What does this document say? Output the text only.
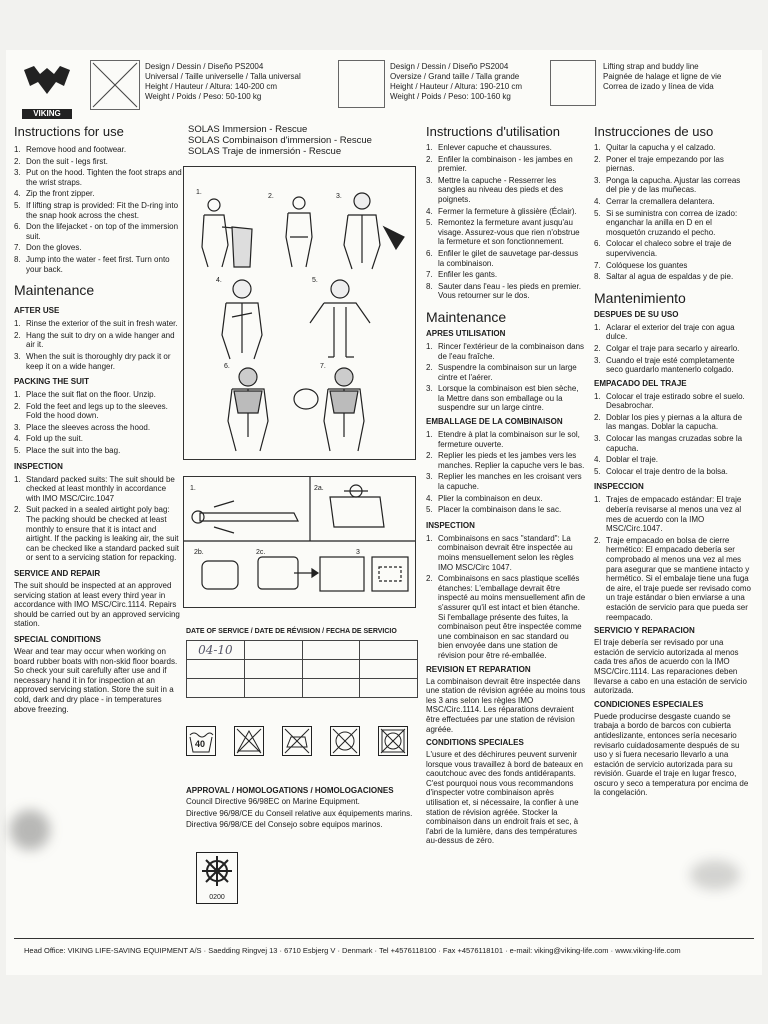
VIKING
Design / Dessin / Diseño PS2004
Universal / Taille universelle / Talla universal
Height / Hauteur / Altura: 140-200 cm
Weight / Poids / Peso: 50-100 kg
Design / Dessin / Diseño PS2004
Oversize / Grand taille / Talla grande
Height / Hauteur / Altura: 190-210 cm
Weight / Poids / Peso: 100-160 kg
Lifting strap and buddy line
Paignée de halage et ligne de vie
Correa de izado y línea de vida
Instructions for use
1. Remove hood and footwear.
2. Don the suit - legs first.
3. Put on the hood. Tighten the foot straps and the wrist straps.
4. Zip the front zipper.
5. If lifting strap is provided: Fit the D-ring into the snap hook across the chest.
6. Don the lifejacket - on top of the immersion suit.
7. Don the gloves.
8. Jump into the water - feet first. Turn onto your back.
Maintenance
AFTER USE
1. Rinse the exterior of the suit in fresh water.
2. Hang the suit to dry on a wide hanger and air it.
3. When the suit is thoroughly dry pack it or keep it on a wide hanger.
PACKING THE SUIT
1. Place the suit flat on the floor. Unzip.
2. Fold the feet and legs up to the sleeves. Fold the hood down.
3. Place the sleeves across the hood.
4. Fold up the suit.
5. Place the suit into the bag.
INSPECTION
1. Standard packed suits: The suit should be checked at least monthly in accordance with IMO MSC/Circ.1047
2. Suit packed in a sealed airtight poly bag: The packing should be checked at least monthly to ensure that it is intact and airtight. If the packing is leaking air, the suit can be checked like a standard packed suit or sent to a servicing station for repacking.
SERVICE AND REPAIR
The suit should be inspected at an approved servicing station at least every third year in accordance with IMO MSC/Circ.1114. Repairs should be carried out by an approved servicing station.
SPECIAL CONDITIONS
Wear and tear may occur when working on board rubber boats with non-skid floor boards. So check your suit carefully after use and if necessary hand it in for inspection at an approved servicing station. Store the suit in a cold, dark and dry place - in temperatures above freezing.
SOLAS Immersion - Rescue
SOLAS Combinaison d'immersion - Rescue
SOLAS Traje de inmersión - Rescue
1.
2.	3.
4.	5.
6.	7.
1.	2a.
2b.	2c.	3
DATE OF SERVICE / DATE DE RÉVISION / FECHA DE SERVICIO
04-10			

40
APPROVAL / HOMOLOGATIONS / HOMOLOGACIONES
Council Directive 96/98EC on Marine Equipment.
Directive 96/98/CE du Conseil relative aux équipements marins.
Directiva 96/98/CE del Consejo sobre equipos marinos.
0200
Instructions d'utilisation
1. Enlever capuche et chaussures.
2. Enfiler la combinaison - les jambes en premier.
3. Mettre la capuche - Resserrer les sangles au niveau des pieds et des poignets.
4. Fermer la fermeture à glissière (Éclair).
5. Remontez la fermeture avant jusqu'au visage. Assurez-vous que rien n'obstrue la fermeture et son fonctionnement.
6. Enfiler le gilet de sauvetage par-dessus la combinaison.
7. Enfiler les gants.
8. Sauter dans l'eau - les pieds en premier. Vous retourner sur le dos.
Maintenance
APRES UTILISATION
1. Rincer l'extérieur de la combinaison dans de l'eau fraîche.
2. Suspendre la combinaison sur un large cintre et l'aérer.
3. Lorsque la combinaison est bien sèche, la Mettre dans son emballage ou la suspendre sur un large cintre.
EMBALLAGE DE LA COMBINAISON
1. Etendre à plat la combinaison sur le sol, fermeture ouverte.
2. Replier les pieds et les jambes vers les manches. Replier la capuche vers le bas.
3. Replier les manches en les croisant vers la capuche.
4. Plier la combinaison en deux.
5. Placer la combinaison dans le sac.
INSPECTION
1. Combinaisons en sacs "standard": La combinaison devrait être inspectée au moins mensuellement selon les règles IMO MSC/Circ 1047.
2. Combinaisons en sacs plastique scellés étanches: L'emballage devrait être inspecté au moins mensuellement afin de s'assurer qu'il est intact et bien étanche. Si l'emballage présente des fuites, la combinaison peut être inspectée comme une combinaison en sac standard ou bien envoyée dans une station de révision pour être ré-emballée.
REVISION ET REPARATION
La combinaison devrait être inspectée dans une station de révision agréée au moins tous les 3 ans selon les règles IMO MSC/Circ.1114. Les réparations devraient être effectuées par une station de révision agréée.
CONDITIONS SPECIALES
L'usure et des déchirures peuvent survenir lorsque vous travaillez à bord de bateaux en caoutchouc avec des fonds antidérapants. C'est pourquoi nous vous recommandons d'inspecter votre combinaison après utilisation et, si nécessaire, la confier à une station de révision agréée. Stocker la combinaison dans un endroit frais et sec, à l'abri de la lumière, dans des températures au-dessus de zéro.
Instrucciones de uso
1. Quitar la capucha y el calzado.
2. Poner el traje empezando por las piernas.
3. Ponga la capucha. Ajustar las correas del pie y de las muñecas.
4. Cerrar la cremallera delantera.
5. Si se suministra con correa de izado: enganchar la anilla en D en el mosquetón cruzando el pecho.
6. Colocar el chaleco sobre el traje de supervivencia.
7. Colóquese los guantes
8. Saltar al agua de espaldas y de pie.
Mantenimiento
DESPUES DE SU USO
1. Aclarar el exterior del traje con agua dulce.
2. Colgar el traje para secarlo y airearlo.
3. Cuando el traje esté completamente seco guardarlo mantenerlo colgado.
EMPACADO DEL TRAJE
1. Colocar el traje estirado sobre el suelo. Desabrochar.
2. Doblar los pies y piernas a la altura de las mangas. Doblar la capucha.
3. Colocar las mangas cruzadas sobre la capucha.
4. Doblar el traje.
5. Colocar el traje dentro de la bolsa.
INSPECCION
1. Trajes de empacado estándar: El traje debería revisarse al menos una vez al mes de acuerdo con la IMO MSC/Circ.1047.
2. Traje empacado en bolsa de cierre hermético: El empacado debería ser comprobado al menos una vez al mes para asegurar que se mantiene intacto y hermético. Si el embalaje tiene una fuga de aire, el traje puede ser revisado como un traje estándar o bien enviarse a una estación de servicio para que pueda ser reempacado.
SERVICIO Y REPARACION
El traje debería ser revisado por una estación de servicio autorizada al menos cada tres años de acuerdo con la IMO MSC/Circ.1114. Las reparaciones deben llevarse a cabo en una estación de servicio autorizada.
CONDICIONES ESPECIALES
Puede producirse desgaste cuando se trabaja a bordo de barcos con cubierta antideslizante, entonces sería necesario revisarlo cuidadosamente después de su uso y si fuera necesario llevarlo a una estación de servicio autorizada para su revisión. Guarde el traje en lugar fresco, oscuro y seco a temperatura por encima de la congelación.
Head Office: VIKING LIFE-SAVING EQUIPMENT A/S · Saedding Ringvej 13 · 6710 Esbjerg V · Denmark · Tel +4576118100 · Fax +4576118101 · e-mail: viking@viking-life.com · www.viking-life.com
